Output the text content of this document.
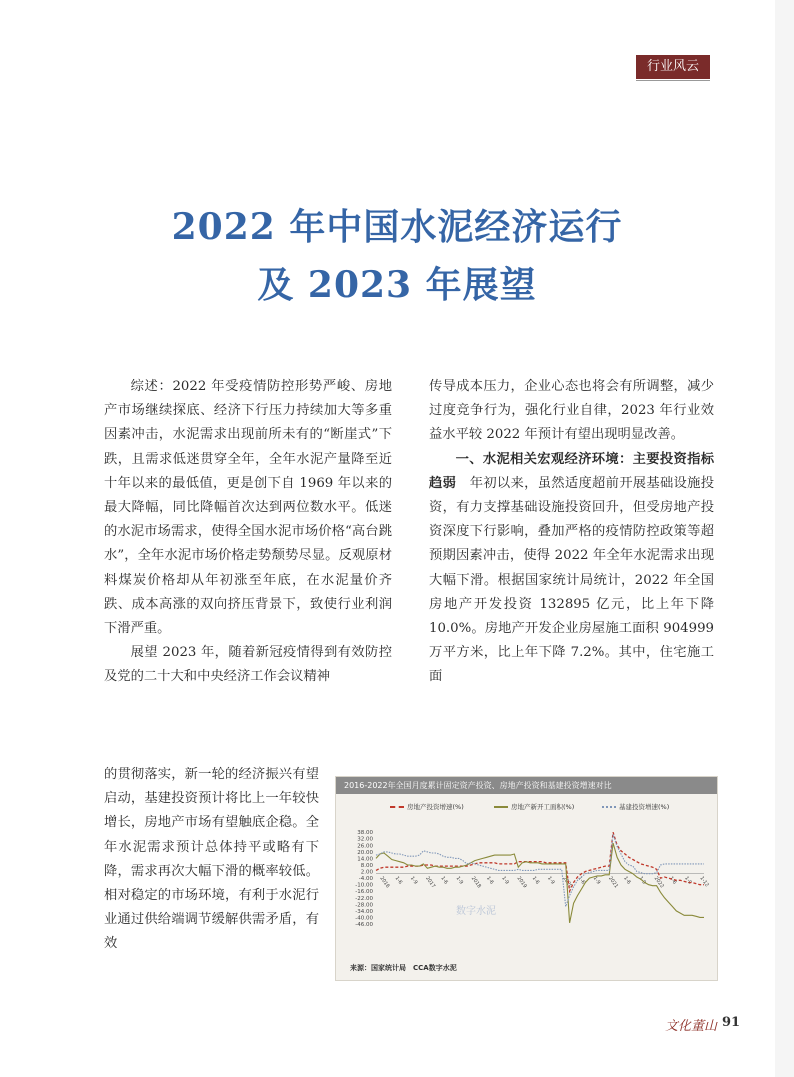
行业风云
2022 年中国水泥经济运行
及 2023 年展望

综述：2022 年受疫情防控形势严峻、房地产市场继续探底、经济下行压力持续加大等多重因素冲击，水泥需求出现前所未有的“断崖式”下跌，且需求低迷贯穿全年，全年水泥产量降至近十年以来的最低值，更是创下自 1969 年以来的最大降幅，同比降幅首次达到两位数水平。低迷的水泥市场需求，使得全国水泥市场价格“高台跳水”，全年水泥市场价格走势颓势尽显。反观原材料煤炭价格却从年初涨至年底，在水泥量价齐跌、成本高涨的双向挤压背景下，致使行业利润下滑严重。

展望 2023 年，随着新冠疫情得到有效防控及党的二十大和中央经济工作会议精神

的贯彻落实，新一轮的经济振兴有望启动，基建投资预计将比上一年较快增长，房地产市场有望触底企稳。全年水泥需求预计总体持平或略有下降，需求再次大幅下滑的概率较低。相对稳定的市场环境，有利于水泥行业通过供给端调节缓解供需矛盾，有效

传导成本压力，企业心态也将会有所调整，减少过度竞争行为，强化行业自律，2023 年行业效益水平较 2022 年预计有望出现明显改善。

一、水泥相关宏观经济环境：主要投资指标趋弱　 年初以来，虽然适度超前开展基础设施投资，有力支撑基础设施投资回升，但受房地产投资深度下行影响，叠加严格的疫情防控政策等超预期因素冲击，使得 2022 年全年水泥需求出现大幅下滑。根据国家统计局统计，2022 年全国房地产开发投资 132895 亿元，比上年下降 10.0%。房地产开发企业房屋施工面积 904999 万平方米，比上年下降 7.2%。其中，住宅施工面

2016-2022年全国月度累计固定资产投资、房地产投资和基建投资增速对比
房地产投资增速(%)	房地产新开工面积(%)	基建投资增速(%)
数字水泥
38.00
32.00
26.00
20.00
14.00
8.00
2.00
-4.00
-10.00
-16.00
-22.00
-28.00
-34.00
-40.00
-46.00
2016 1-6 1-9 2017 1-6 1-9 2018 1-6 1-9 2019 1-6 1-9 2020 1-6 1-9 2021 1-6 1-9 2022 1-6 1-9 1-12
来源：国家统计局　CCA数字水泥
文化董山 91
